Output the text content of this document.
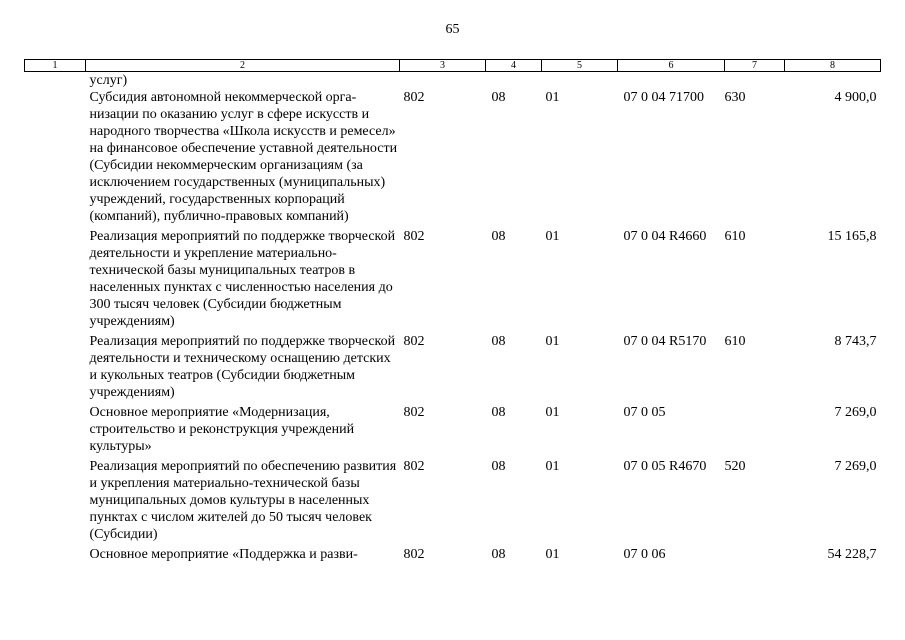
65
1	2	3	4	5	6	7	8
	услуг)						
	Субсидия автономной некоммерческой организации по оказанию услуг в сфере искусств и народного творчества «Школа искусств и ремесел» на финансовое обеспечение уставной деятельности (Субсидии некоммерческим организациям (за исключением государственных (муниципальных) учреждений, государственных корпораций (компаний), публично-правовых компаний)	802	08	01	07 0 04 71700	630	4 900,0
	Реализация мероприятий по поддержке творческой деятельности и укрепление материально-технической базы муниципальных театров в населенных пунктах с численностью населения до 300 тысяч человек (Субсидии бюджетным учреждениям)	802	08	01	07 0 04 R4660	610	15 165,8
	Реализация мероприятий по поддержке творческой деятельности и техническому оснащению детских и кукольных театров (Субсидии бюджетным учреждениям)	802	08	01	07 0 04 R5170	610	8 743,7
	Основное мероприятие «Модернизация, строительство и реконструкция учреждений культуры»	802	08	01	07 0 05		7 269,0
	Реализация мероприятий по обеспечению развития и укрепления материально-технической базы муниципальных домов культуры в населенных пунктах с числом жителей до 50 тысяч человек (Субсидии)	802	08	01	07 0 05 R4670	520	7 269,0
	Основное мероприятие «Поддержка и разви-	802	08	01	07 0 06		54 228,7
